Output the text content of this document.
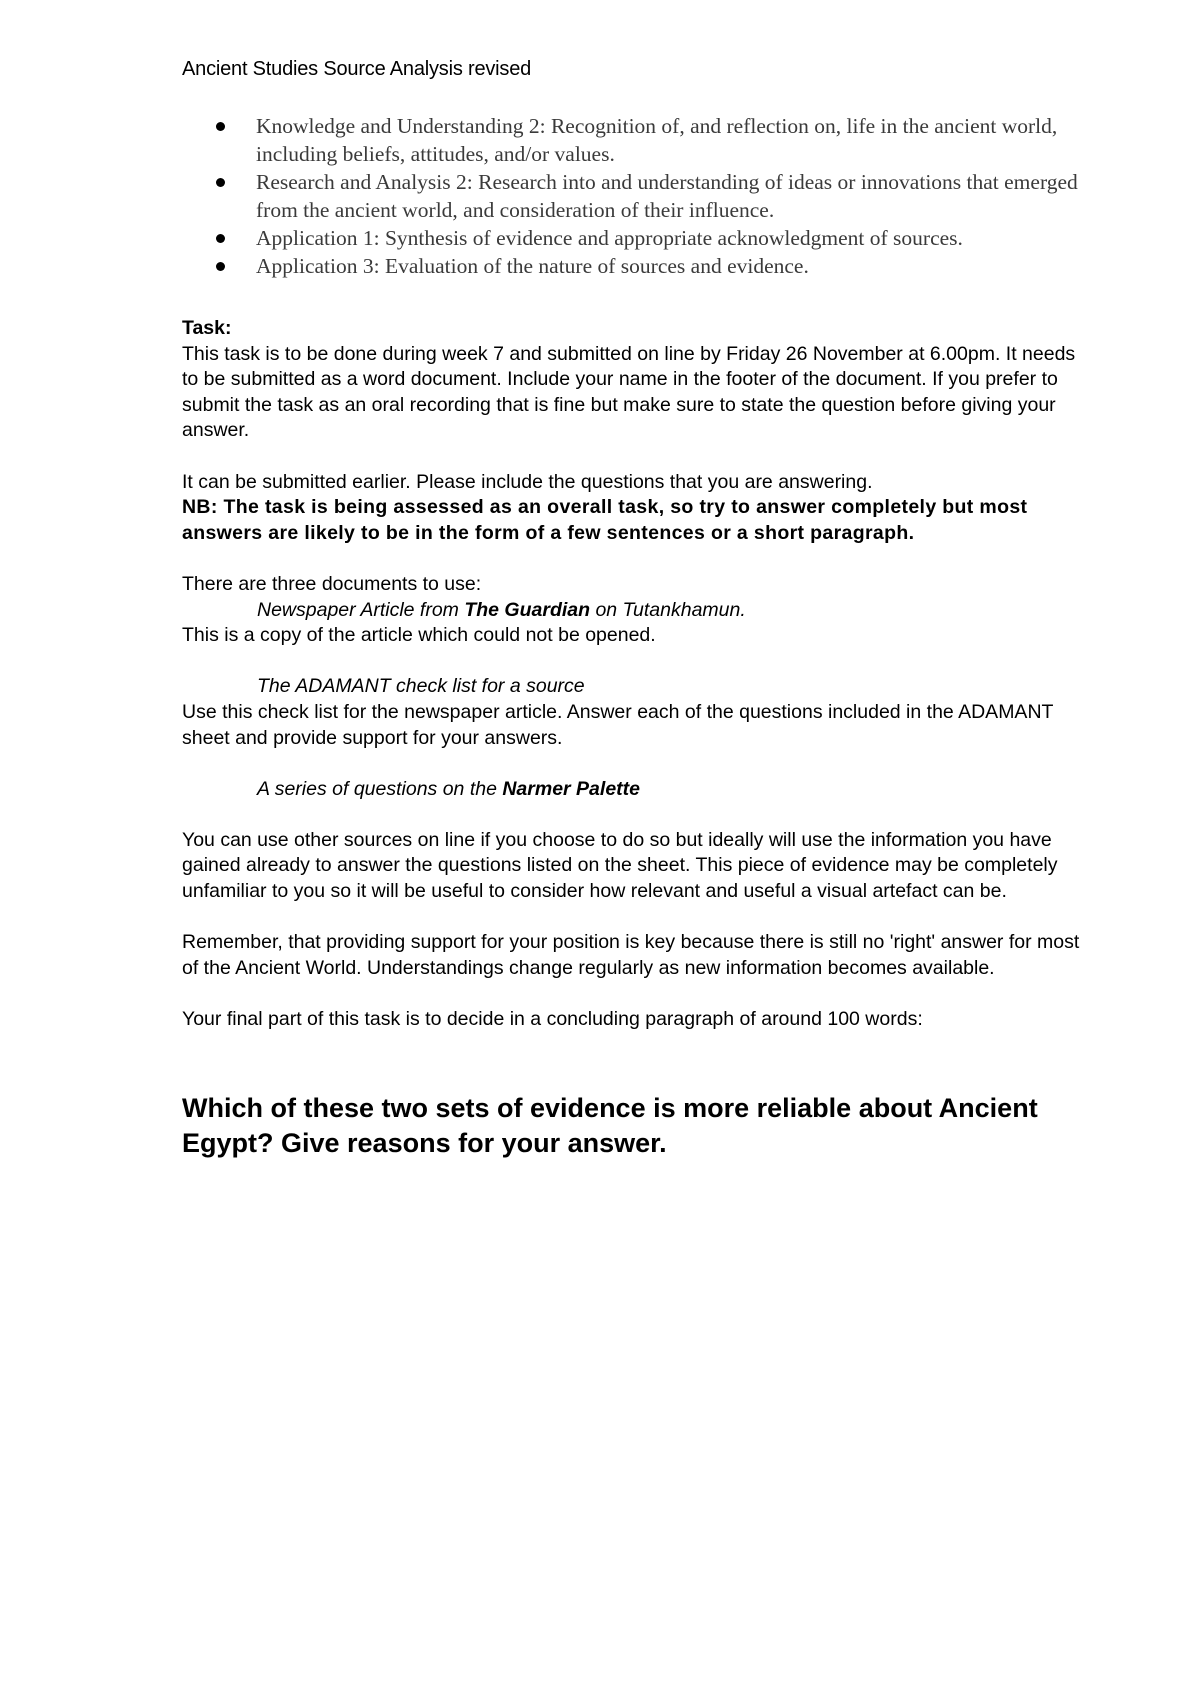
Ancient Studies Source Analysis revised
Knowledge and Understanding 2: Recognition of, and reflection on, life in the ancient world, including beliefs, attitudes, and/or values.
Research and Analysis 2: Research into and understanding of ideas or innovations that emerged from the ancient world, and consideration of their influence.
Application 1: Synthesis of evidence and appropriate acknowledgment of sources.
Application 3: Evaluation of the nature of sources and evidence.

Task:

This task is to be done during week 7 and submitted on line by Friday 26 November at 6.00pm. It needs to be submitted as a word document. Include your name in the footer of the document. If you prefer to submit the task as an oral recording that is fine but make sure to state the question before giving your answer.

It can be submitted earlier. Please include the questions that you are answering.

NB: The task is being assessed as an overall task, so try to answer completely but most answers are likely to be in the form of a few sentences or a short paragraph.

There are three documents to use:

Newspaper Article from The Guardian on Tutankhamun.

This is a copy of the article which could not be opened.

The ADAMANT check list for a source

Use this check list for the newspaper article. Answer each of the questions included in the ADAMANT sheet and provide support for your answers.

A series of questions on the Narmer Palette

You can use other sources on line if you choose to do so but ideally will use the information you have gained already to answer the questions listed on the sheet. This piece of evidence may be completely unfamiliar to you so it will be useful to consider how relevant and useful a visual artefact can be.

Remember, that providing support for your position is key because there is still no 'right' answer for most of the Ancient World. Understandings change regularly as new information becomes available.

Your final part of this task is to decide in a concluding paragraph of around 100 words:

Which of these two sets of evidence is more reliable about Ancient Egypt? Give reasons for your answer.
